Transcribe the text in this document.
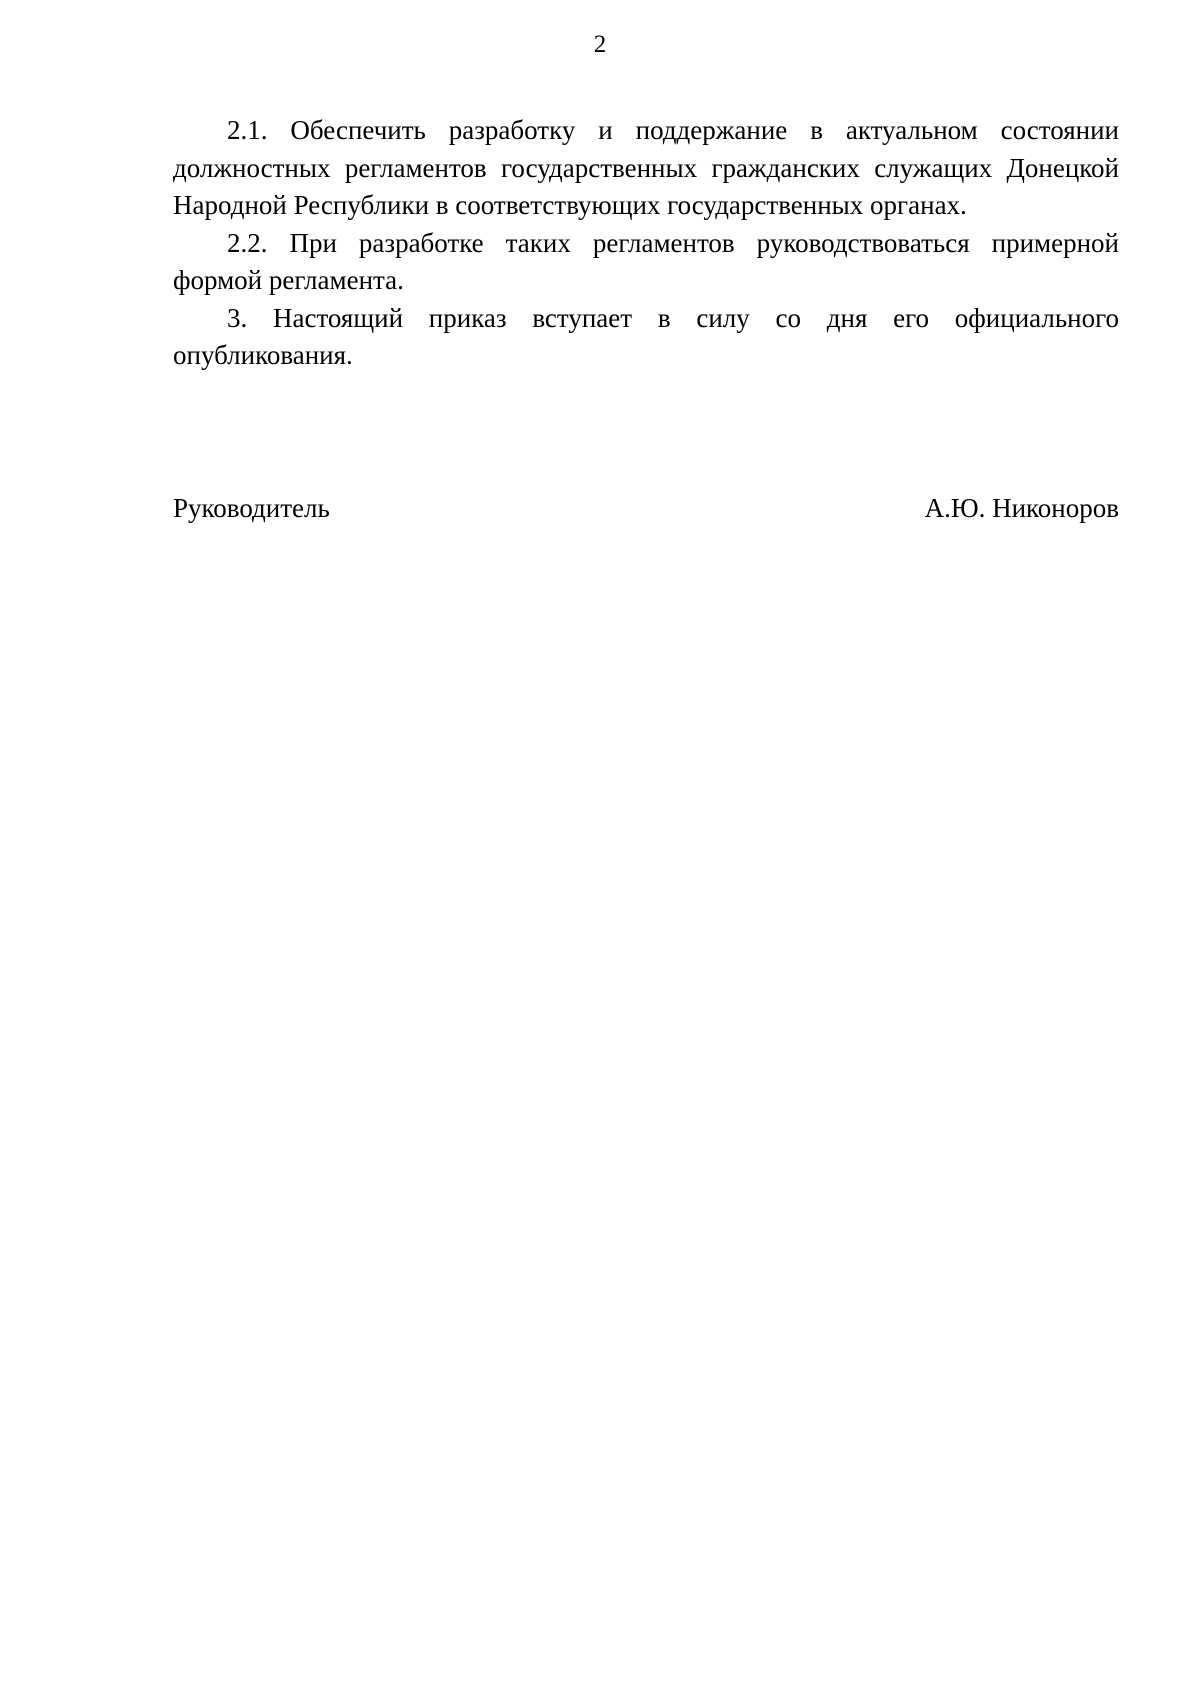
2

2.1. Обеспечить разработку и поддержание в актуальном состоянии должностных регламентов государственных гражданских служащих Донецкой Народной Республики в соответствующих государственных органах.

2.2. При разработке таких регламентов руководствоваться примерной формой регламента.

3. Настоящий приказ вступает в силу со дня его официального опубликования.

Руководитель	А.Ю. Никоноров
